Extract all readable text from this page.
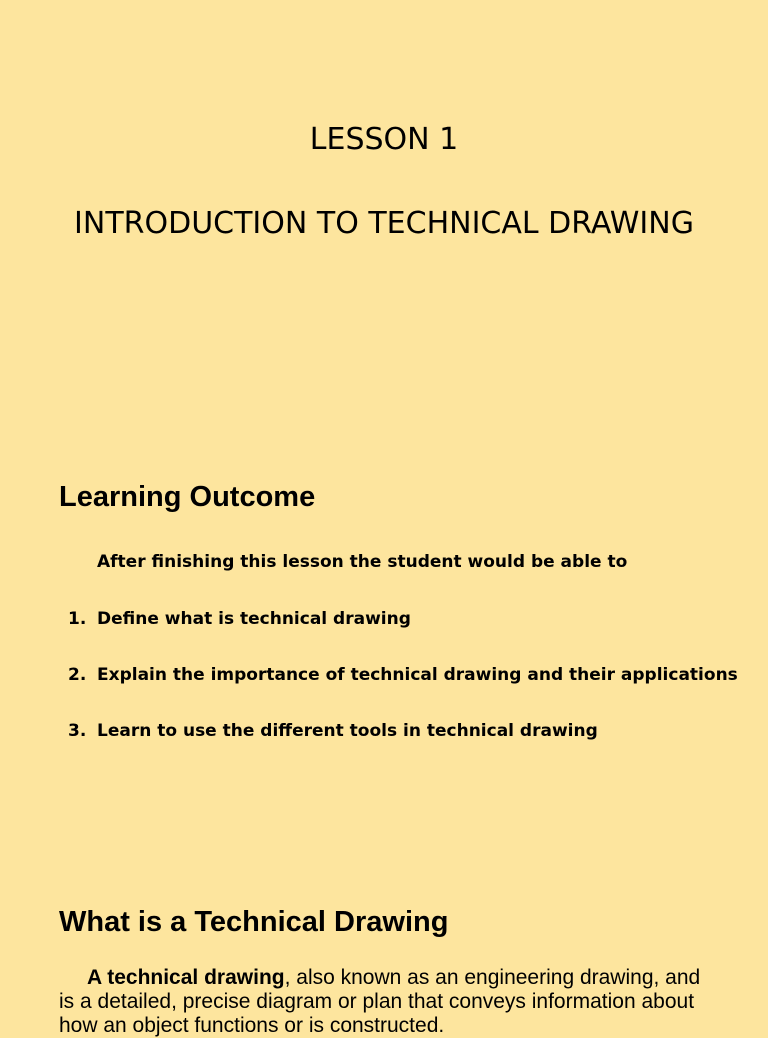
LESSON 1
INTRODUCTION TO TECHNICAL DRAWING
Learning Outcome
After finishing this lesson the student would be able to
1. Define what is technical drawing
2. Explain the importance of technical drawing and their applications
3. Learn to use the different tools in technical drawing
What is a Technical Drawing
A technical drawing, also known as an engineering drawing, and is a detailed, precise diagram or plan that conveys information about how an object functions or is constructed.
